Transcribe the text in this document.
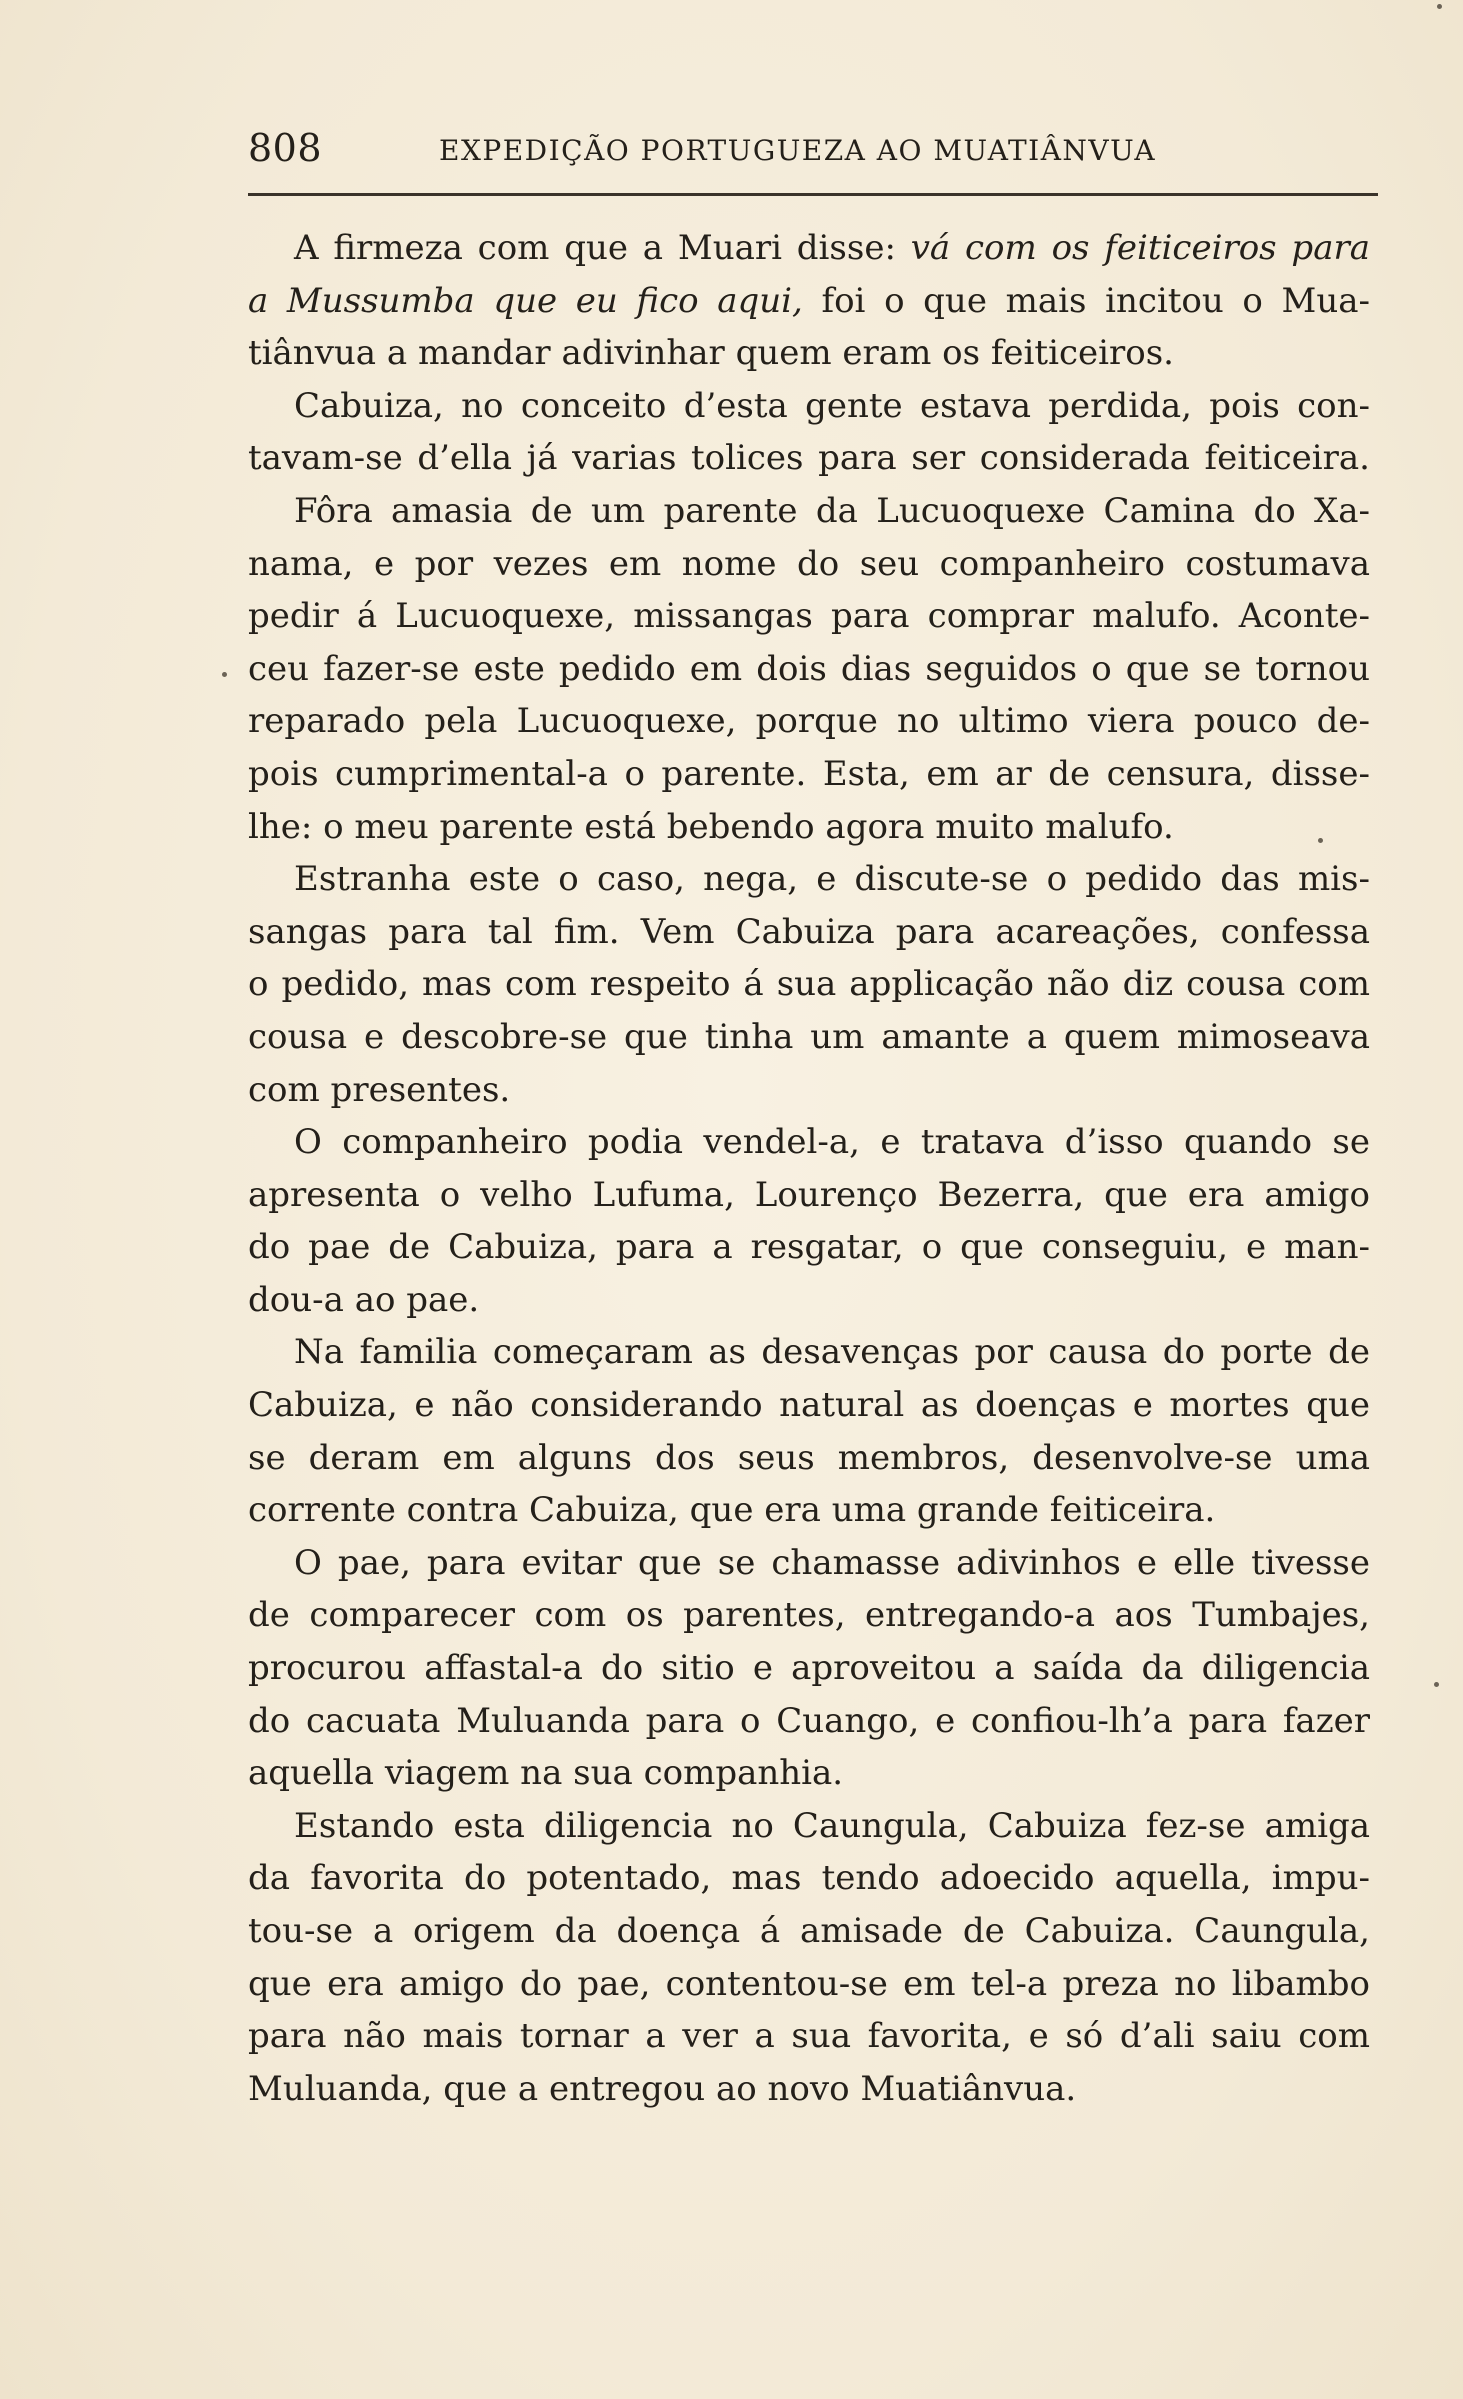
808	EXPEDIÇÃO PORTUGUEZA AO MUATIÂNVUA
A firmeza com que a Muari disse: vá com os feiticeiros para
a Mussumba que eu fico aqui, foi o que mais incitou o Mua-
tiânvua a mandar adivinhar quem eram os feiticeiros.
Cabuiza, no conceito d’esta gente estava perdida, pois con-
tavam-se d’ella já varias tolices para ser considerada feiticeira.
Fôra amasia de um parente da Lucuoquexe Camina do Xa-
nama, e por vezes em nome do seu companheiro costumava
pedir á Lucuoquexe, missangas para comprar malufo. Aconte-
ceu fazer-se este pedido em dois dias seguidos o que se tornou
reparado pela Lucuoquexe, porque no ultimo viera pouco de-
pois cumprimental-a o parente. Esta, em ar de censura, disse-
lhe: o meu parente está bebendo agora muito malufo.
Estranha este o caso, nega, e discute-se o pedido das mis-
sangas para tal fim. Vem Cabuiza para acareações, confessa
o pedido, mas com respeito á sua applicação não diz cousa com
cousa e descobre-se que tinha um amante a quem mimoseava
com presentes.
O companheiro podia vendel-a, e tratava d’isso quando se
apresenta o velho Lufuma, Lourenço Bezerra, que era amigo
do pae de Cabuiza, para a resgatar, o que conseguiu, e man-
dou-a ao pae.
Na familia começaram as desavenças por causa do porte de
Cabuiza, e não considerando natural as doenças e mortes que
se deram em alguns dos seus membros, desenvolve-se uma
corrente contra Cabuiza, que era uma grande feiticeira.
O pae, para evitar que se chamasse adivinhos e elle tivesse
de comparecer com os parentes, entregando-a aos Tumbajes,
procurou affastal-a do sitio e aproveitou a saída da diligencia
do cacuata Muluanda para o Cuango, e confiou-lh’a para fazer
aquella viagem na sua companhia.
Estando esta diligencia no Caungula, Cabuiza fez-se amiga
da favorita do potentado, mas tendo adoecido aquella, impu-
tou-se a origem da doença á amisade de Cabuiza. Caungula,
que era amigo do pae, contentou-se em tel-a preza no libambo
para não mais tornar a ver a sua favorita, e só d’ali saiu com
Muluanda, que a entregou ao novo Muatiânvua.
